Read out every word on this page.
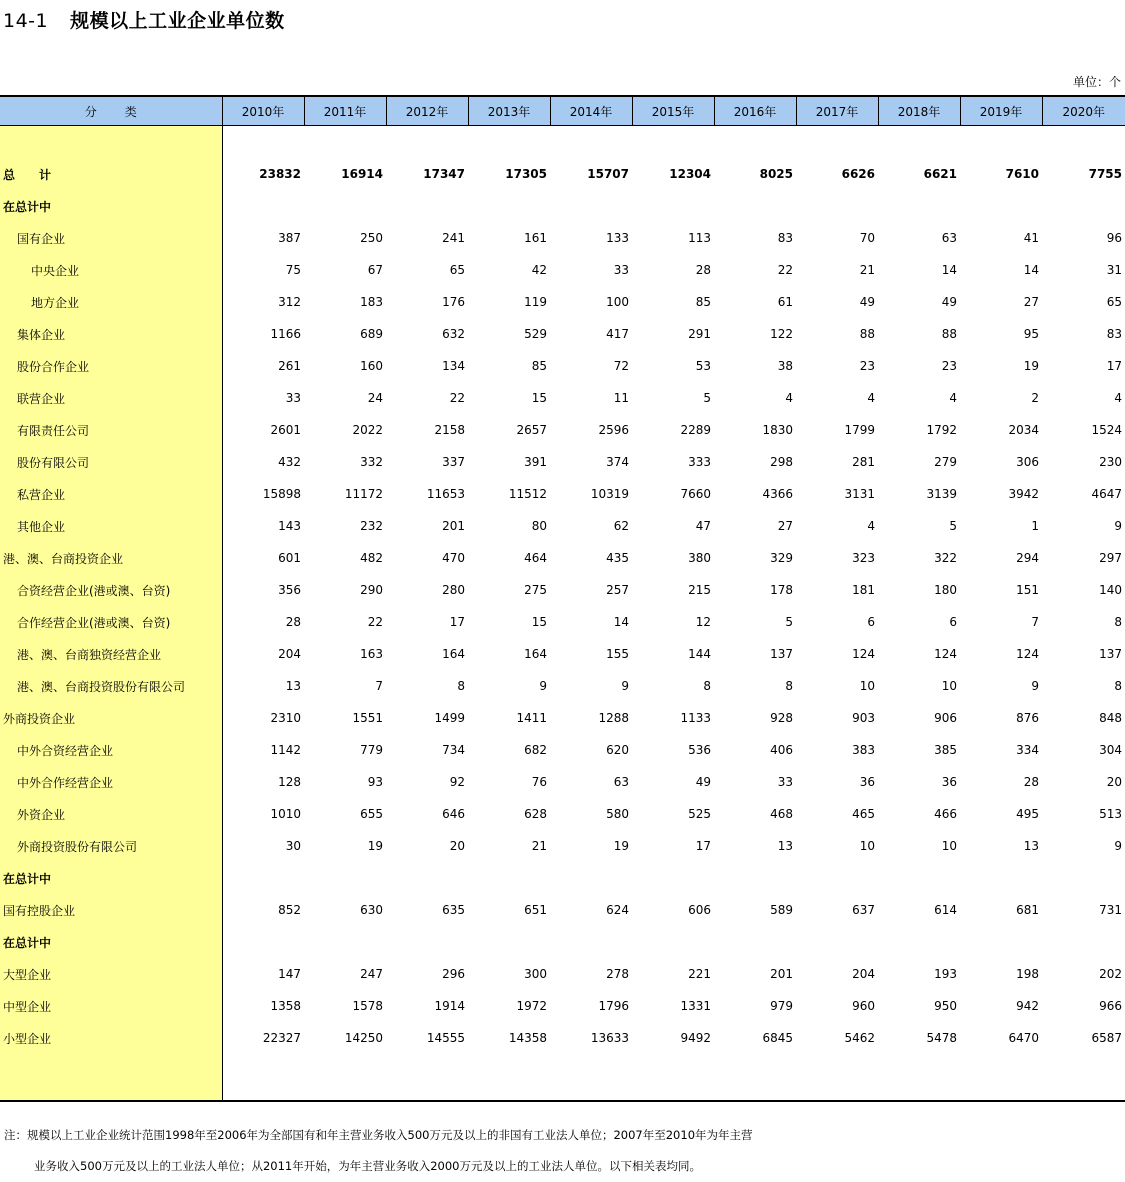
14-1 规模以上工业企业单位数
单位：个
分类	2010年	2011年	2012年	2013年	2014年	2015年	2016年	2017年	2018年	2019年	2020年

总　　计	23832	16914	17347	17305	15707	12304	8025	6626	6621	7610	7755
在总计中											
国有企业	387	250	241	161	133	113	83	70	63	41	96
中央企业	75	67	65	42	33	28	22	21	14	14	31
地方企业	312	183	176	119	100	85	61	49	49	27	65
集体企业	1166	689	632	529	417	291	122	88	88	95	83
股份合作企业	261	160	134	85	72	53	38	23	23	19	17
联营企业	33	24	22	15	11	5	4	4	4	2	4
有限责任公司	2601	2022	2158	2657	2596	2289	1830	1799	1792	2034	1524
股份有限公司	432	332	337	391	374	333	298	281	279	306	230
私营企业	15898	11172	11653	11512	10319	7660	4366	3131	3139	3942	4647
其他企业	143	232	201	80	62	47	27	4	5	1	9
港、澳、台商投资企业	601	482	470	464	435	380	329	323	322	294	297
合资经营企业(港或澳、台资)	356	290	280	275	257	215	178	181	180	151	140
合作经营企业(港或澳、台资)	28	22	17	15	14	12	5	6	6	7	8
港、澳、台商独资经营企业	204	163	164	164	155	144	137	124	124	124	137
港、澳、台商投资股份有限公司	13	7	8	9	9	8	8	10	10	9	8
外商投资企业	2310	1551	1499	1411	1288	1133	928	903	906	876	848
中外合资经营企业	1142	779	734	682	620	536	406	383	385	334	304
中外合作经营企业	128	93	92	76	63	49	33	36	36	28	20
外资企业	1010	655	646	628	580	525	468	465	466	495	513
外商投资股份有限公司	30	19	20	21	19	17	13	10	10	13	9
在总计中											
国有控股企业	852	630	635	651	624	606	589	637	614	681	731
在总计中											
大型企业	147	247	296	300	278	221	201	204	193	198	202
中型企业	1358	1578	1914	1972	1796	1331	979	960	950	942	966
小型企业	22327	14250	14555	14358	13633	9492	6845	5462	5478	6470	6587

注：规模以上工业企业统计范围1998年至2006年为全部国有和年主营业务收入500万元及以上的非国有工业法人单位；2007年至2010年为年主营
业务收入500万元及以上的工业法人单位；从2011年开始，为年主营业务收入2000万元及以上的工业法人单位。以下相关表均同。
